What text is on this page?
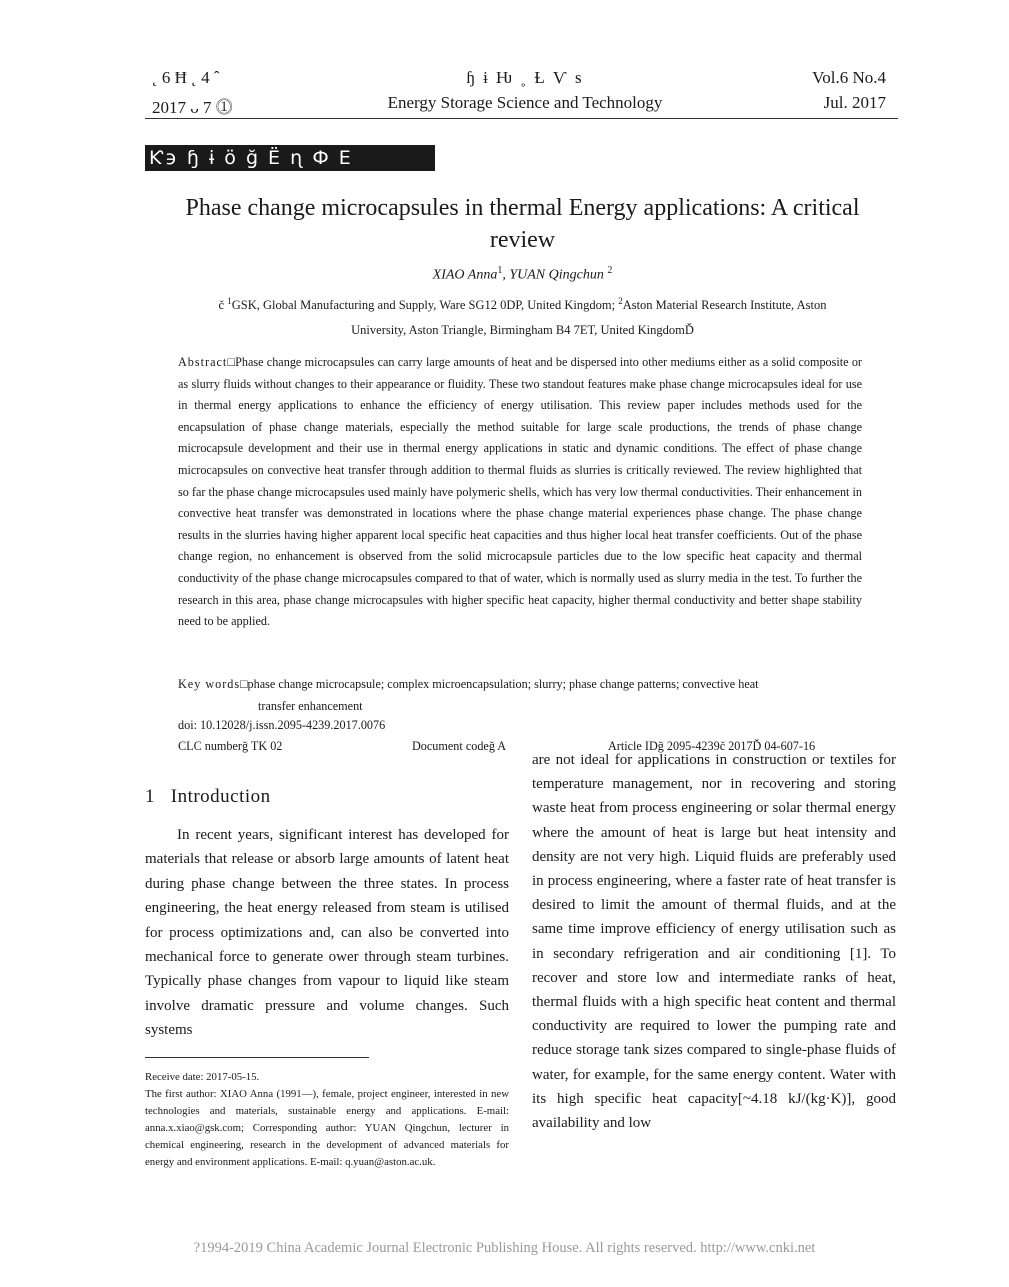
˛ 6 Ħ ˛ 4 ˆ
2017 ᴗ 7 ⓵
ɧ ɨ Ƕ ˳ Ɫ Ѵ s
Energy Storage Science and Technology
Vol.6 No.4
Jul. 2017
Ƙ϶ ɧ ɨ ӧ ğ Ё ɳ Ф Ε
Phase change microcapsules in thermal Energy applications: A critical review
XIAO Anna$^1$, YUAN Qingchun $^2$
č $^1$GSK, Global Manufacturing and Supply, Ware SG12 0DP, United Kingdom; $^2$Aston Material Research Institute, Aston
University, Aston Triangle, Birmingham B4 7ET, United KingdomĎ
Abstract□Phase change microcapsules can carry large amounts of heat and be dispersed into other mediums either as a solid composite or as slurry fluids without changes to their appearance or fluidity. These two standout features make phase change microcapsules ideal for use in thermal energy applications to enhance the efficiency of energy utilisation. This review paper includes methods used for the encapsulation of phase change materials, especially the method suitable for large scale productions, the trends of phase change microcapsule development and their use in thermal energy applications in static and dynamic conditions. The effect of phase change microcapsules on convective heat transfer through addition to thermal fluids as slurries is critically reviewed. The review highlighted that so far the phase change microcapsules used mainly have polymeric shells, which has very low thermal conductivities. Their enhancement in convective heat transfer was demonstrated in locations where the phase change material experiences phase change. The phase change results in the slurries having higher apparent local specific heat capacities and thus higher local heat transfer coefficients. Out of the phase change region, no enhancement is observed from the solid microcapsule particles due to the low specific heat capacity and thermal conductivity of the phase change microcapsules compared to that of water, which is normally used as slurry media in the test. To further the research in this area, phase change microcapsules with higher specific heat capacity, higher thermal conductivity and better shape stability need to be applied.
Key words□phase change microcapsule; complex microencapsulation; slurry; phase change patterns; convective heat
transfer enhancement
doi: 10.12028/j.issn.2095-4239.2017.0076
CLC numberğ TK 02	Document codeğ A	Article IDğ 2095-4239č 2017Ď 04-607-16
1 Introduction

In recent years, significant interest has developed for materials that release or absorb large amounts of latent heat during phase change between the three states. In process engineering, the heat energy released from steam is utilised for process optimizations and, can also be converted into mechanical force to generate ower through steam turbines. Typically phase changes from vapour to liquid like steam involve dramatic pressure and volume changes. Such systems

Receive date: 2017-05-15.

The first author: XIAO Anna (1991—), female, project engineer, interested in new technologies and materials, sustainable energy and applications. E-mail: anna.x.xiao@gsk.com; Corresponding author: YUAN Qingchun, lecturer in chemical engineering, research in the development of advanced materials for energy and environment applications. E-mail: q.yuan@aston.ac.uk.

are not ideal for applications in construction or textiles for temperature management, nor in recovering and storing waste heat from process engineering or solar thermal energy where the amount of heat is large but heat intensity and density are not very high. Liquid fluids are preferably used in process engineering, where a faster rate of heat transfer is desired to limit the amount of thermal fluids, and at the same time improve efficiency of energy utilisation such as in secondary refrigeration and air conditioning [1]. To recover and store low and intermediate ranks of heat, thermal fluids with a high specific heat content and thermal conductivity are required to lower the pumping rate and reduce storage tank sizes compared to single-phase fluids of water, for example, for the same energy content. Water with its high specific heat capacity[~4.18 kJ/(kg·K)], good availability and low

?1994-2019 China Academic Journal Electronic Publishing House. All rights reserved. http://www.cnki.net
